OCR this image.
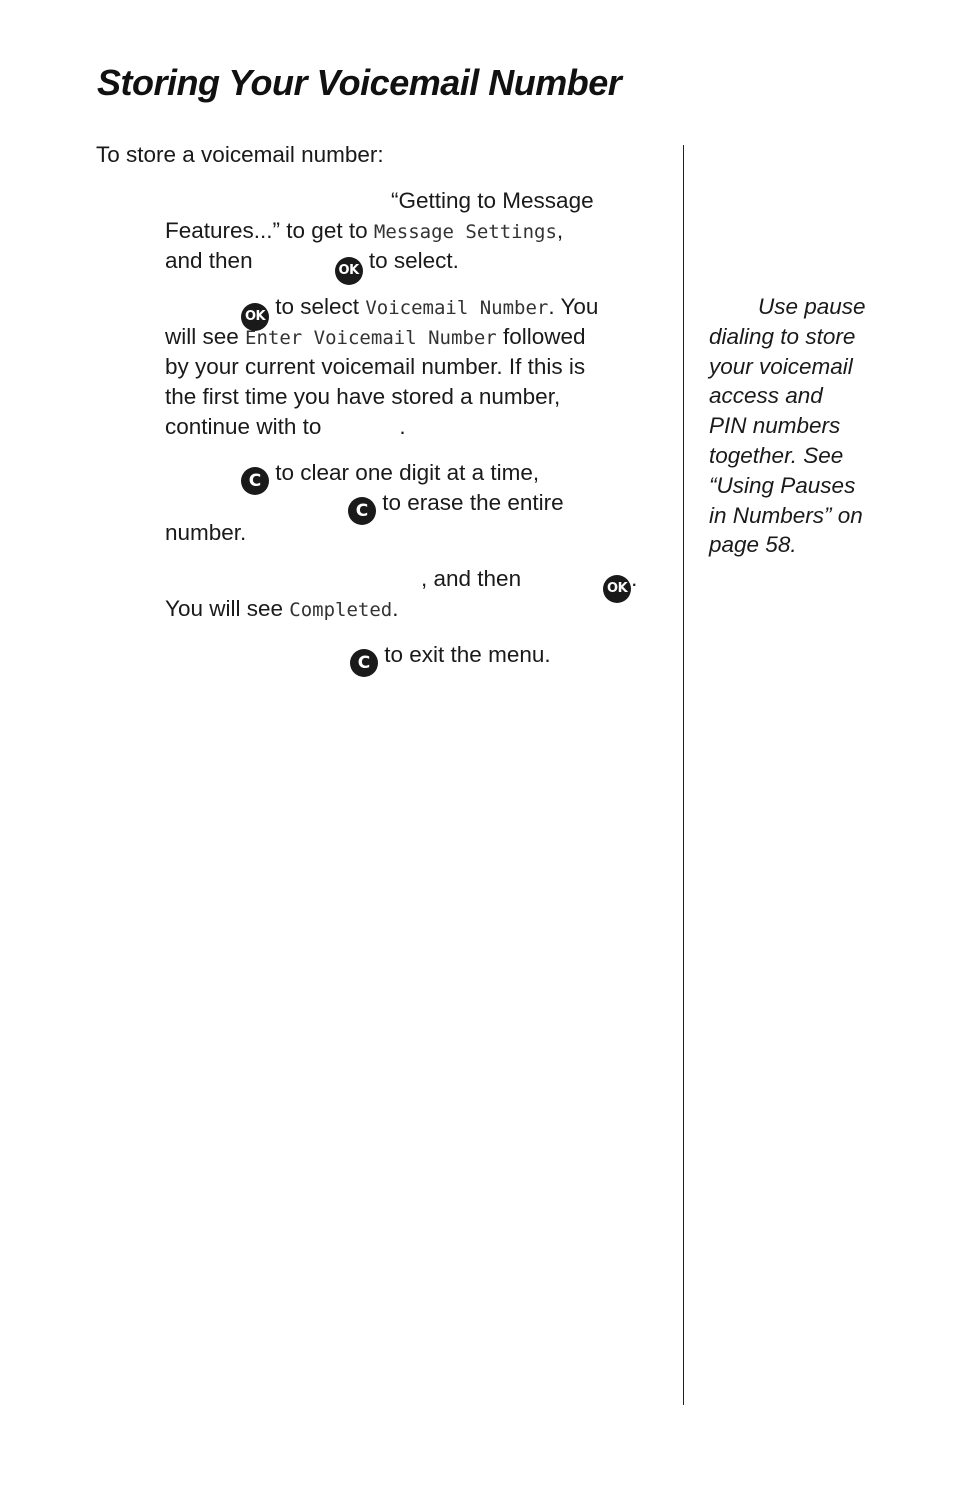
Storing Your Voicemail Number
To store a voicemail number:
“Getting to Message
Features...” to get to Message Settings,
and then	OK to select.
OK to select Voicemail Number. You
will see Enter Voicemail Number followed
by your current voicemail number. If this is
the first time you have stored a number,
continue with to	.
C to clear one digit at a time,
C to erase the entire
number.
, and then	OK .
You will see Completed.
C to exit the menu.
Use pause
dialing to store
your voicemail
access and
PIN numbers
together. See
“Using Pauses
in Numbers” on
page 58.
